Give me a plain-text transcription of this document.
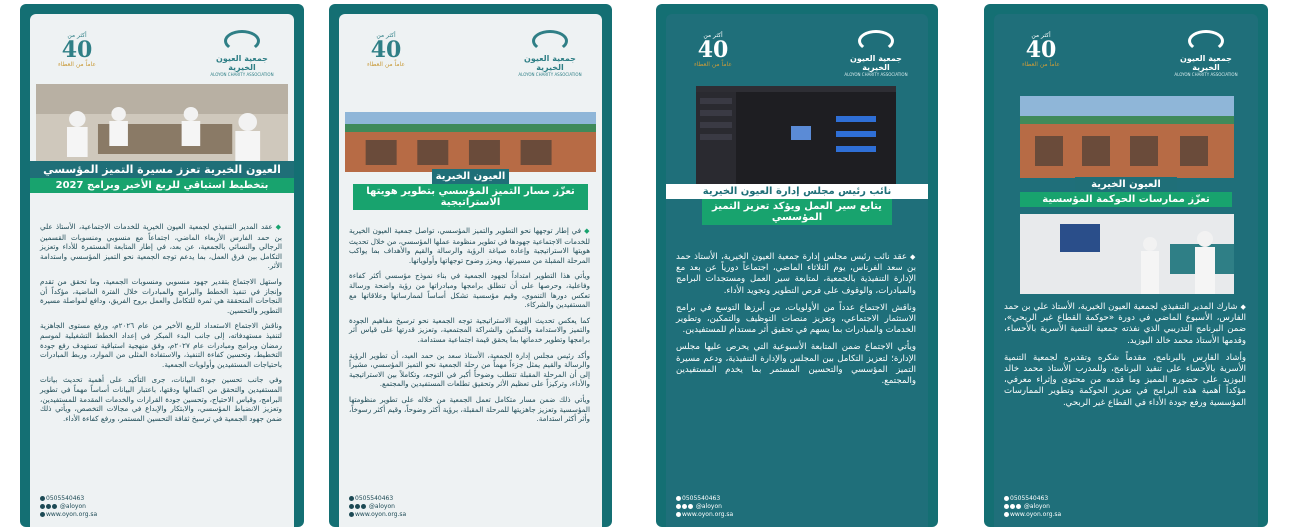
أكثر من
40
عاماً من العطاء
جمعية العيون الخيرية
ALOYON CHARITY ASSOCIATION
العيون الخيرية تعزز مسيرة التميز المؤسسي
بتخطيط استباقي للربع الأخير وبرامج 2027

◆عقد المدير التنفيذي لجمعية العيون الخيرية للخدمات الاجتماعية، الأستاذ علي بن حمد الفارس الأربعاء الماضي، اجتماعاً مع منسوبي ومنسوبات القسمين الرجالي والنسائي بالجمعية، عن بعد، في إطار المتابعة المستمرة للأداء وتعزيز التكامل بين فرق العمل، بما يدعم توجه الجمعية نحو التميز المؤسسي واستدامة الأثر.

واستهل الاجتماع بتقدير جهود منسوبي ومنسوبات الجمعية، وما تحقق من تقدم وإنجاز في تنفيذ الخطط والبرامج والمبادرات خلال الفترة الماضية، مؤكداً أن النجاحات المتحققة هي ثمرة للتكامل والعمل بروح الفريق، ودافع لمواصلة مسيرة التطوير والتحسين.

وناقش الاجتماع الاستعداد للربع الأخير من عام ٢٠٢٦م، ورفع مستوى الجاهزية لتنفيذ مستهدفاته، إلى جانب البدء المبكر في إعداد الخطط التشغيلية لموسم رمضان وبرامج ومبادرات عام ٢٠٢٧م، وفق منهجية استباقية تستهدف رفع جودة التخطيط، وتحسين كفاءة التنفيذ، والاستفادة المثلى من الموارد، وربط المبادرات باحتياجات المستفيدين وأولويات الجمعية.

وفي جانب تحسين جودة البيانات، جرى التأكيد على أهمية تحديث بيانات المستفيدين والتحقق من اكتمالها ودقتها، باعتبار البيانات أساساً مهماً في تطوير البرامج، وقياس الاحتياج، وتحسين جودة القرارات والخدمات المقدمة للمستفيدين، وتعزيز الانضباط المؤسسي، والابتكار والإبداع في مجالات التخصص، ويأتي ذلك ضمن جهود الجمعية في ترسيخ ثقافة التحسين المستمر، ورفع كفاءة الأداء.

0505540463
@aloyon
www.oyon.org.sa
أكثر من
40
عاماً من العطاء
جمعية العيون الخيرية
ALOYON CHARITY ASSOCIATION
العيون الخيرية
تعزّز مسار التميز المؤسسي بتطوير هويتها الاستراتيجية

◆في إطار توجهها نحو التطوير والتميز المؤسسي، تواصل جمعية العيون الخيرية للخدمات الاجتماعية جهودها في تطوير منظومة عملها المؤسسي، من خلال تحديث هويتها الاستراتيجية وإعادة صياغة الرؤية والرسالة والقيم والأهداف بما يواكب المرحلة المقبلة من مسيرتها، ويعزز وضوح توجهاتها وأولوياتها.

ويأتي هذا التطوير امتداداً لجهود الجمعية في بناء نموذج مؤسسي أكثر كفاءة وفاعلية، وحرصها على أن تنطلق برامجها ومبادراتها من رؤية واضحة ورسالة تعكس دورها التنموي، وقيم مؤسسية تشكل أساساً لممارساتها وعلاقاتها مع المستفيدين والشركاء.

كما يعكس تحديث الهوية الاستراتيجية توجه الجمعية نحو ترسيخ مفاهيم الجودة والتميز والاستدامة والتمكين والشراكة المجتمعية، وتعزيز قدرتها على قياس أثر برامجها وتطوير خدماتها بما يحقق قيمة اجتماعية مستدامة.

وأكد رئيس مجلس إدارة الجمعية، الأستاذ سعد بن حمد العيد، أن تطوير الرؤية والرسالة والقيم يمثل جزءاً مهماً من رحلة الجمعية نحو التميز المؤسسي، مشيراً إلى أن المرحلة المقبلة تتطلب وضوحاً أكبر في التوجه، وتكاملاً بين الاستراتيجية والأداء، وتركيزاً على تعظيم الأثر وتحقيق تطلعات المستفيدين والمجتمع.

ويأتي ذلك ضمن مسار متكامل تعمل الجمعية من خلاله على تطوير منظومتها المؤسسية وتعزيز جاهزيتها للمرحلة المقبلة، برؤية أكثر وضوحاً، وقيم أكثر رسوخاً، وأثر أكثر استدامة.

0505540463
@aloyon
www.oyon.org.sa
أكثر من
40
عاماً من العطاء
جمعية العيون الخيرية
ALOYON CHARITY ASSOCIATION
نائب رئيس مجلس إدارة العيون الخيرية
يتابع سير العمل ويؤكد تعزيز التميز المؤسسي

◆عقد نائب رئيس مجلس إدارة جمعية العيون الخيرية، الأستاذ حمد بن سعد الفرناس، يوم الثلاثاء الماضي، اجتماعاً دورياً عن بعد مع الإدارة التنفيذية بالجمعية، لمتابعة سير العمل ومستجدات البرامج والمبادرات، والوقوف على فرص التطوير وتجويد الأداء.

وناقش الاجتماع عدداً من الأولويات، من أبرزها التوسع في برامج الاستثمار الاجتماعي، وتعزيز منصات التوظيف والتمكين، وتطوير الخدمات والمبادرات بما يسهم في تحقيق أثر مستدام للمستفيدين.

ويأتي الاجتماع ضمن المتابعة الأسبوعية التي يحرص عليها مجلس الإدارة؛ لتعزيز التكامل بين المجلس والإدارة التنفيذية، ودعم مسيرة التميز المؤسسي والتحسين المستمر بما يخدم المستفيدين والمجتمع.

0505540463
@aloyon
www.oyon.org.sa
أكثر من
40
عاماً من العطاء
جمعية العيون الخيرية
ALOYON CHARITY ASSOCIATION
العيون الخيرية
تعزّز ممارسات الحوكمة المؤسسية

◆شارك المدير التنفيذي لجمعية العيون الخيرية، الأستاذ علي بن حمد الفارس، الأسبوع الماضي في دورة «حوكمة القطاع غير الربحي»، ضمن البرنامج التدريبي الذي نفذته جمعية التنمية الأسرية بالأحساء، وقدمها الأستاذ محمد خالد البوزيد.

وأشاد الفارس بالبرنامج، مقدماً شكره وتقديره لجمعية التنمية الأسرية بالأحساء على تنفيذ البرنامج، وللمدرب الأستاذ محمد خالد البوزيد على حضوره المميز وما قدمه من محتوى وإثراء معرفي، مؤكداً أهمية هذه البرامج في تعزيز الحوكمة وتطوير الممارسات المؤسسية ورفع جودة الأداء في القطاع غير الربحي.

0505540463
@aloyon
www.oyon.org.sa
